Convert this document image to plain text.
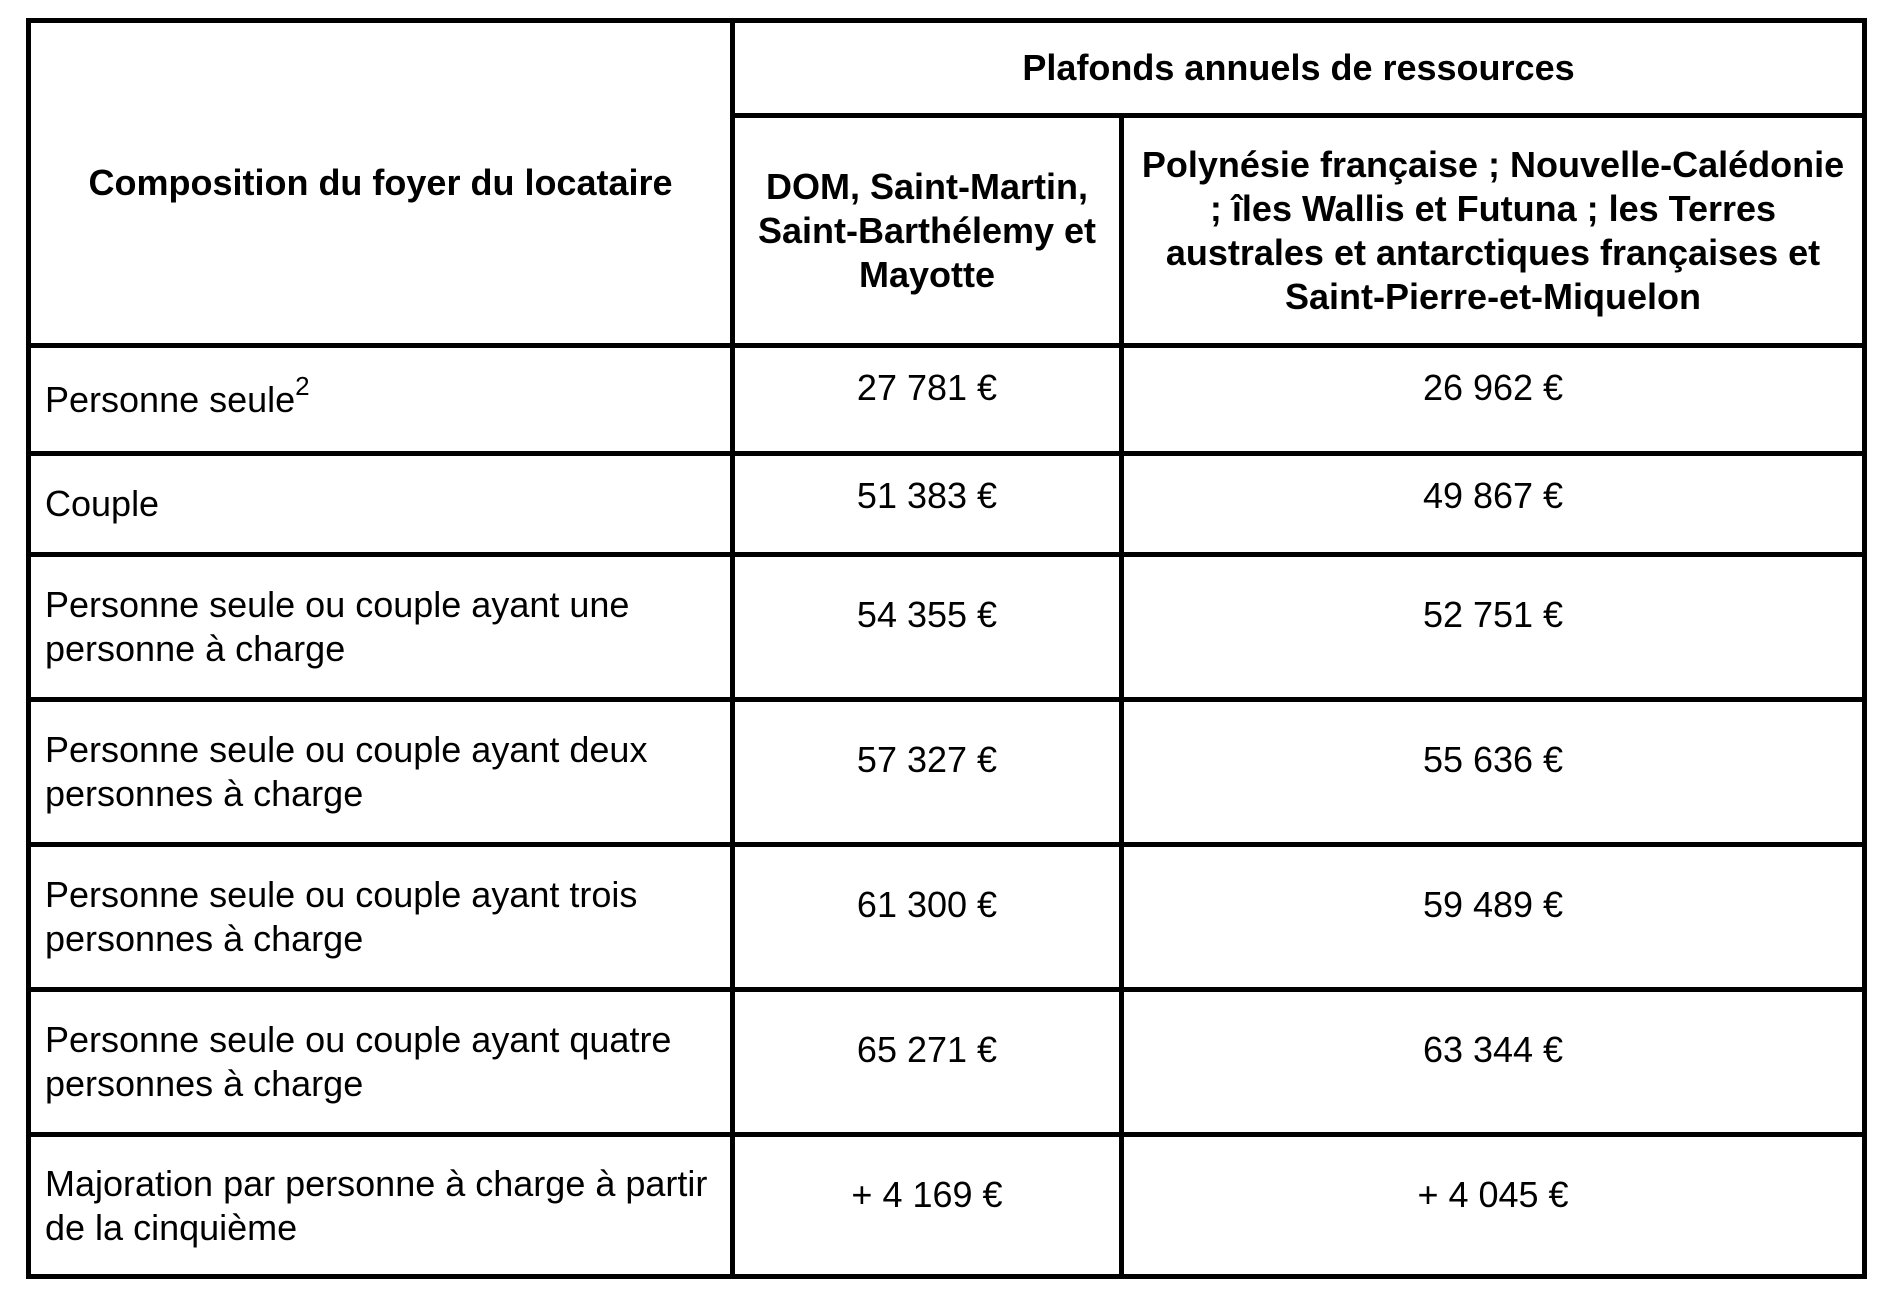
Composition du foyer du locataire	Plafonds annuels de ressources	
	DOM, Saint-Martin, Saint-Barthélemy et Mayotte	Polynésie française ; Nouvelle-Calédonie ; îles Wallis et Futuna ; les Terres australes et antarctiques françaises et Saint-Pierre-et-Miquelon
Personne seule$^2$	27 781 €	26 962 €
Couple	51 383 €	49 867 €
Personne seule ou couple ayant une personne à charge	54 355 €	52 751 €
Personne seule ou couple ayant deux personnes à charge	57 327 €	55 636 €
Personne seule ou couple ayant trois personnes à charge	61 300 €	59 489 €
Personne seule ou couple ayant quatre personnes à charge	65 271 €	63 344 €
Majoration par personne à charge à partir de la cinquième	+ 4 169 €	+ 4 045 €
